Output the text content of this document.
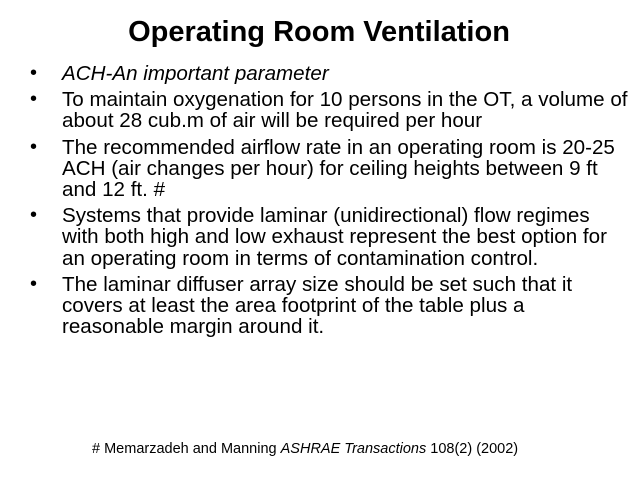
Operating Room Ventilation
• ACH-An important parameter
• To maintain oxygenation for 10 persons in the OT, a volume of about 28 cub.m of air will be required per hour
• The recommended airflow rate in an operating room is 20-25 ACH (air changes per hour) for ceiling heights between 9 ft and 12 ft. #
• Systems that provide laminar (unidirectional) flow regimes with both high and low exhaust represent the best option for an operating room in terms of contamination control.
• The laminar diffuser array size should be set such that it covers at least the area footprint of the table plus a reasonable margin around it.
# Memarzadeh and Manning ASHRAE Transactions 108(2) (2002)
